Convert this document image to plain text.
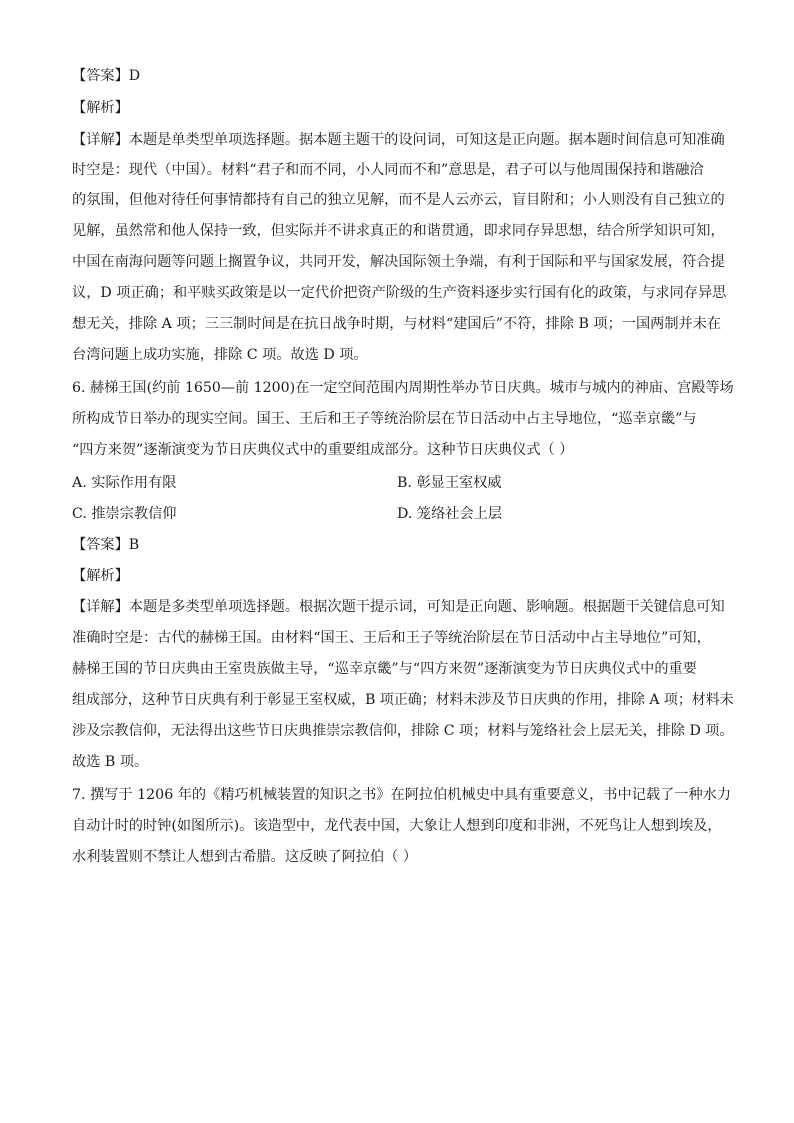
【答案】D
【解析】
【详解】本题是单类型单项选择题。据本题主题干的设问词，可知这是正向题。据本题时间信息可知准确
时空是：现代（中国）。材料“君子和而不同，小人同而不和”意思是，君子可以与他周围保持和谐融洽
的氛围，但他对待任何事情都持有自己的独立见解，而不是人云亦云，盲目附和；小人则没有自己独立的
见解，虽然常和他人保持一致，但实际并不讲求真正的和谐贯通，即求同存异思想，结合所学知识可知，
中国在南海问题等问题上搁置争议，共同开发，解决国际领土争端，有利于国际和平与国家发展，符合提
议，D 项正确；和平赎买政策是以一定代价把资产阶级的生产资料逐步实行国有化的政策，与求同存异思
想无关，排除 A 项；三三制时间是在抗日战争时期，与材料“建国后”不符，排除 B 项；一国两制并未在
台湾问题上成功实施，排除 C 项。故选 D 项。
6. 赫梯王国(约前 1650—前 1200)在一定空间范围内周期性举办节日庆典。城市与城内的神庙、宫殿等场
所构成节日举办的现实空间。国王、王后和王子等统治阶层在节日活动中占主导地位，“巡幸京畿”与
“四方来贺”逐渐演变为节日庆典仪式中的重要组成部分。这种节日庆典仪式（ ）
A. 实际作用有限	B. 彰显王室权威
C. 推崇宗教信仰	D. 笼络社会上层
【答案】B
【解析】
【详解】本题是多类型单项选择题。根据次题干提示词，可知是正向题、影响题。根据题干关键信息可知
准确时空是：古代的赫梯王国。由材料“国王、王后和王子等统治阶层在节日活动中占主导地位”可知，
赫梯王国的节日庆典由王室贵族做主导，“巡幸京畿”与“四方来贺”逐渐演变为节日庆典仪式中的重要
组成部分，这种节日庆典有利于彰显王室权威，B 项正确；材料未涉及节日庆典的作用，排除 A 项；材料未
涉及宗教信仰，无法得出这些节日庆典推崇宗教信仰，排除 C 项；材料与笼络社会上层无关，排除 D 项。
故选 B 项。
7. 撰写于 1206 年的《精巧机械装置的知识之书》在阿拉伯机械史中具有重要意义，书中记载了一种水力
自动计时的时钟(如图所示)。该造型中，龙代表中国，大象让人想到印度和非洲，不死鸟让人想到埃及，
水利装置则不禁让人想到古希腊。这反映了阿拉伯（ ）
